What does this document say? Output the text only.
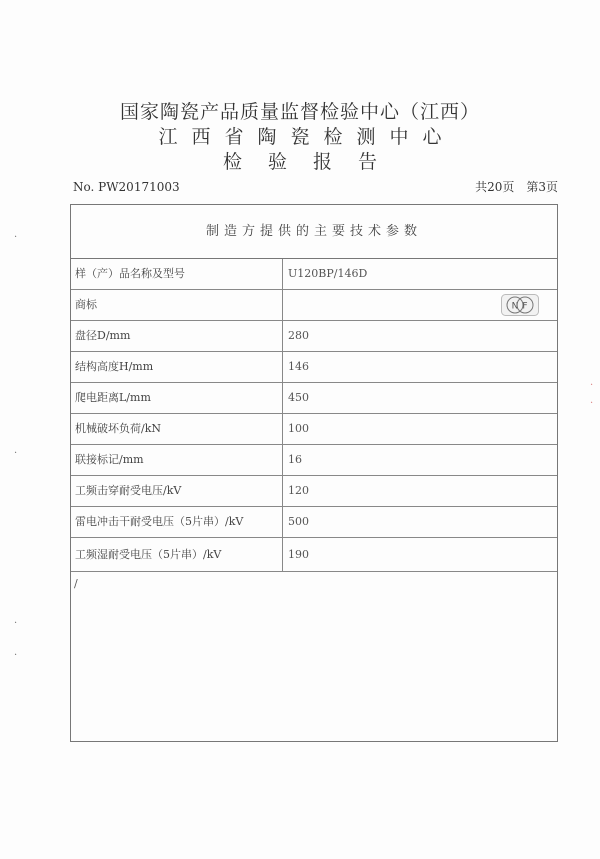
国家陶瓷产品质量监督检验中心（江西）
江西省陶瓷检测中心
检验报告
No. PW20171003	共20页　第3页
制造方提供的主要技术参数
样（产）品名称及型号	U120BP/146D
商标	N F
盘径D/mm	280
结构高度H/mm	146
爬电距离L/mm	450
机械破坏负荷/kN	100
联接标记/mm	16
工频击穿耐受电压/kV	120
雷电冲击干耐受电压（5片串）/kV	500
工频湿耐受电压（5片串）/kV	190
/
·
·
·
·
·
·
